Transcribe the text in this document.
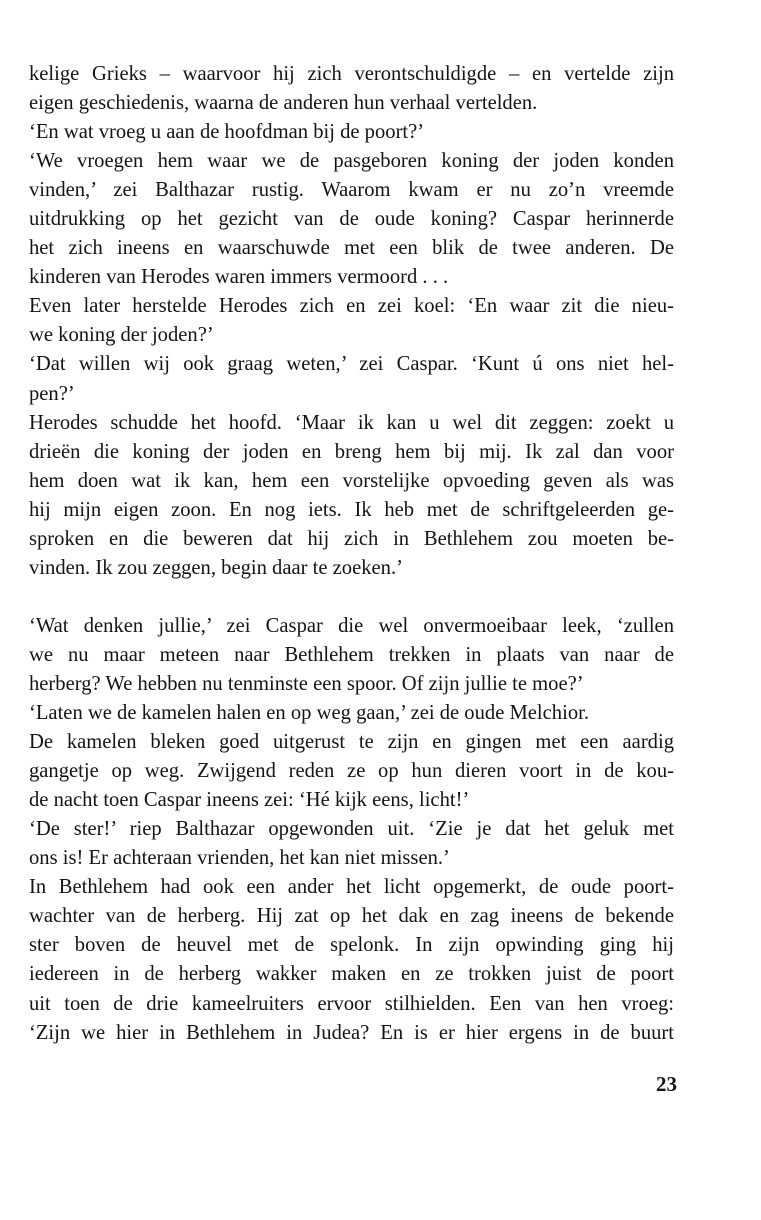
kelige Grieks – waarvoor hij zich verontschuldigde – en vertelde zijn
eigen geschiedenis, waarna de anderen hun verhaal vertelden.
‘En wat vroeg u aan de hoofdman bij de poort?’
‘We vroegen hem waar we de pasgeboren koning der joden konden
vinden,’ zei Balthazar rustig. Waarom kwam er nu zo’n vreemde
uitdrukking op het gezicht van de oude koning? Caspar herinnerde
het zich ineens en waarschuwde met een blik de twee anderen. De
kinderen van Herodes waren immers vermoord . . .
Even later herstelde Herodes zich en zei koel: ‘En waar zit die nieu-
we koning der joden?’
‘Dat willen wij ook graag weten,’ zei Caspar. ‘Kunt ú ons niet hel-
pen?’
Herodes schudde het hoofd. ‘Maar ik kan u wel dit zeggen: zoekt u
drieën die koning der joden en breng hem bij mij. Ik zal dan voor
hem doen wat ik kan, hem een vorstelijke opvoeding geven als was
hij mijn eigen zoon. En nog iets. Ik heb met de schriftgeleerden ge-
sproken en die beweren dat hij zich in Bethlehem zou moeten be-
vinden. Ik zou zeggen, begin daar te zoeken.’
‘Wat denken jullie,’ zei Caspar die wel onvermoeibaar leek, ‘zullen
we nu maar meteen naar Bethlehem trekken in plaats van naar de
herberg? We hebben nu tenminste een spoor. Of zijn jullie te moe?’
‘Laten we de kamelen halen en op weg gaan,’ zei de oude Melchior.
De kamelen bleken goed uitgerust te zijn en gingen met een aardig
gangetje op weg. Zwijgend reden ze op hun dieren voort in de kou-
de nacht toen Caspar ineens zei: ‘Hé kijk eens, licht!’
‘De ster!’ riep Balthazar opgewonden uit. ‘Zie je dat het geluk met
ons is! Er achteraan vrienden, het kan niet missen.’
In Bethlehem had ook een ander het licht opgemerkt, de oude poort-
wachter van de herberg. Hij zat op het dak en zag ineens de bekende
ster boven de heuvel met de spelonk. In zijn opwinding ging hij
iedereen in de herberg wakker maken en ze trokken juist de poort
uit toen de drie kameelruiters ervoor stilhielden. Een van hen vroeg:
‘Zijn we hier in Bethlehem in Judea? En is er hier ergens in de buurt
23
